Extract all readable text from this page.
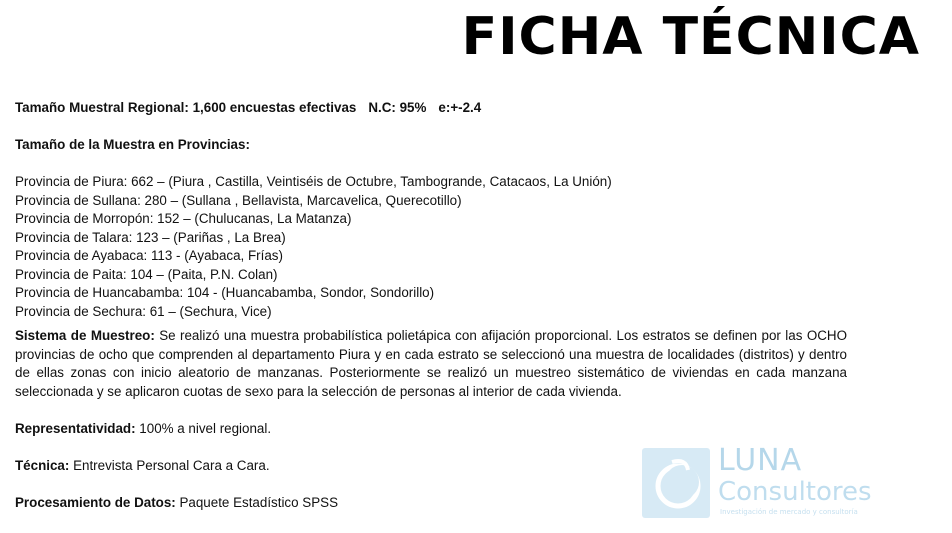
FICHA TÉCNICA
Tamaño Muestral Regional: 1,600 encuestas efectivas N.C: 95% e:+-2.4
Tamaño de la Muestra en Provincias:
Provincia de Piura: 662 – (Piura , Castilla, Veintiséis de Octubre, Tambogrande, Catacaos, La Unión)
Provincia de Sullana: 280 – (Sullana , Bellavista, Marcavelica, Querecotillo)
Provincia de Morropón: 152 – (Chulucanas, La Matanza)
Provincia de Talara: 123 – (Pariñas , La Brea)
Provincia de Ayabaca: 113 - (Ayabaca, Frías)
Provincia de Paita: 104 – (Paita, P.N. Colan)
Provincia de Huancabamba: 104 - (Huancabamba, Sondor, Sondorillo)
Provincia de Sechura: 61 – (Sechura, Vice)
Sistema de Muestreo: Se realizó una muestra probabilística polietápica con afijación proporcional. Los estratos se definen por las OCHO provincias de ocho que comprenden al departamento Piura y en cada estrato se seleccionó una muestra de localidades (distritos) y dentro de ellas zonas con inicio aleatorio de manzanas. Posteriormente se realizó un muestreo sistemático de viviendas en cada manzana seleccionada y se aplicaron cuotas de sexo para la selección de personas al interior de cada vivienda.
Representatividad: 100% a nivel regional.
Técnica: Entrevista Personal Cara a Cara.
Procesamiento de Datos: Paquete Estadístico SPSS
LUNA
Consultores
Investigación de mercado y consultoría
